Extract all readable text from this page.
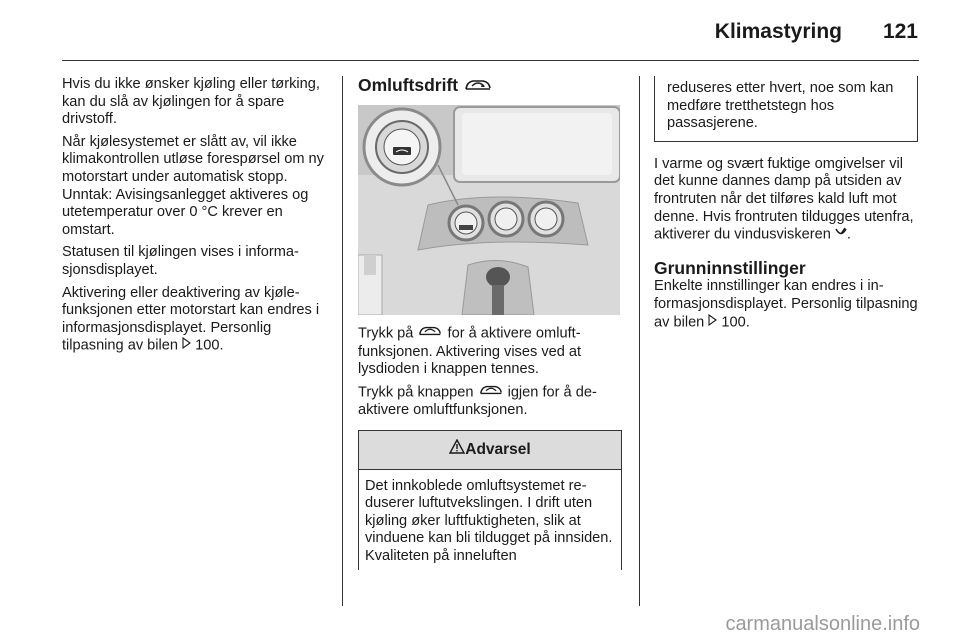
Klimastyring 121

Hvis du ikke ønsker kjøling eller tørking, kan du slå av kjølingen for å spare drivstoff.

Når kjølesystemet er slått av, vil ikke klimakontrollen utløse forespørsel om ny motorstart under automatisk stopp. Unntak: Avisingsanlegget aktiveres og utetemperatur over 0 °C krever en omstart.

Statusen til kjølingen vises i informasjonsdisplayet.

Aktivering eller deaktivering av kjølefunksjonen etter motorstart kan endres i informasjonsdisplayet. Personlig tilpasning av bilen  100.

Omluftsdrift

Trykk på  for å aktivere omluftfunksjonen. Aktivering vises ved at lysdioden i knappen tennes.

Trykk på knappen  igjen for å deaktivere omluftfunksjonen.

Advarsel
Det innkoblede omluftsystemet reduserer luftutvekslingen. I drift uten kjøling øker luftfuktigheten, slik at vinduene kan bli tildugget på innsiden. Kvaliteten på inneluften
reduseres etter hvert, noe som kan medføre tretthetstegn hos passasjerene.

I varme og svært fuktige omgivelser vil det kunne dannes damp på utsiden av frontruten når det tilføres kald luft mot denne. Hvis frontruten tildugges utenfra, aktiverer du vindusviskeren .

Grunninnstillinger

Enkelte innstillinger kan endres i informasjonsdisplayet. Personlig tilpasning av bilen  100.

carmanualsonline.info
